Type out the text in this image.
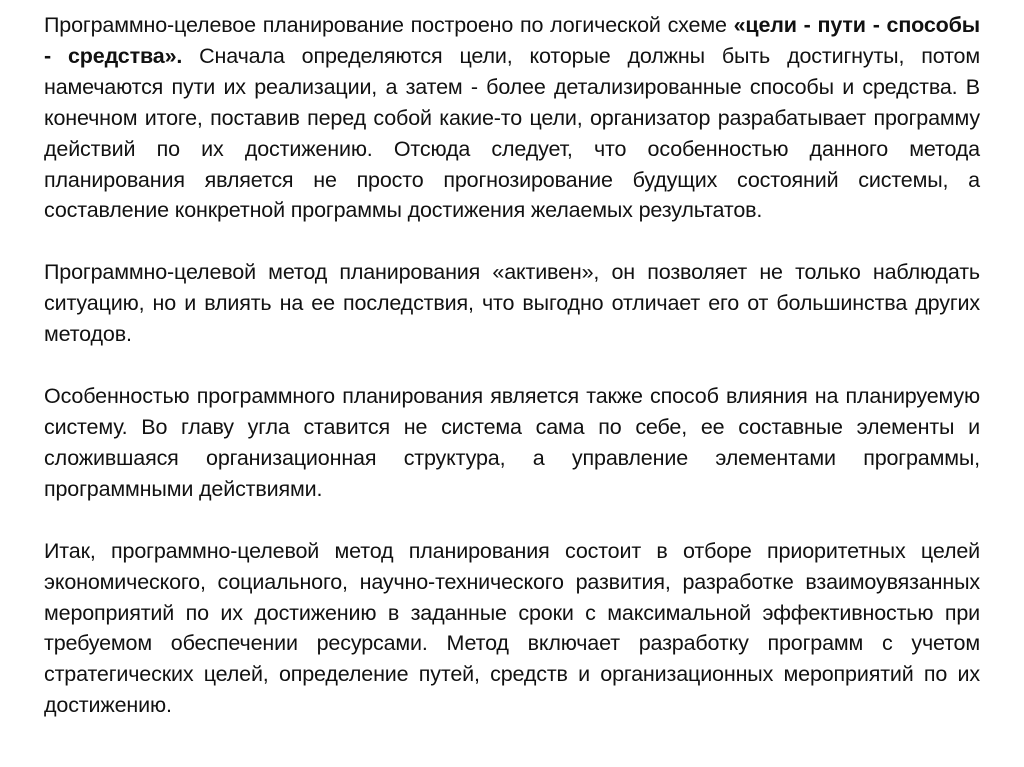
Программно-целевое планирование построено по логической схеме «цели - пути - способы - средства». Сначала определяются цели, которые должны быть достигнуты, потом намечаются пути их реализации, а затем - более детализированные способы и средства. В конечном итоге, поставив перед собой какие-то цели, организатор разрабатывает программу действий по их достижению. Отсюда следует, что особенностью данного метода планирования является не просто прогнозирование будущих состояний системы, а составление конкретной программы достижения желаемых результатов.

Программно-целевой метод планирования «активен», он позволяет не только наблюдать ситуацию, но и влиять на ее последствия, что выгодно отличает его от большинства других методов.

Особенностью программного планирования является также способ влияния на планируемую систему. Во главу угла ставится не система сама по себе, ее составные элементы и сложившаяся организационная структура, а управление элементами программы, программными действиями.

Итак, программно-целевой метод планирования состоит в отборе приоритетных целей экономического, социального, научно-технического развития, разработке взаимоувязанных мероприятий по их достижению в заданные сроки с максимальной эффективностью при требуемом обеспечении ресурсами. Метод включает разработку программ с учетом стратегических целей, определение путей, средств и организационных мероприятий по их достижению.
